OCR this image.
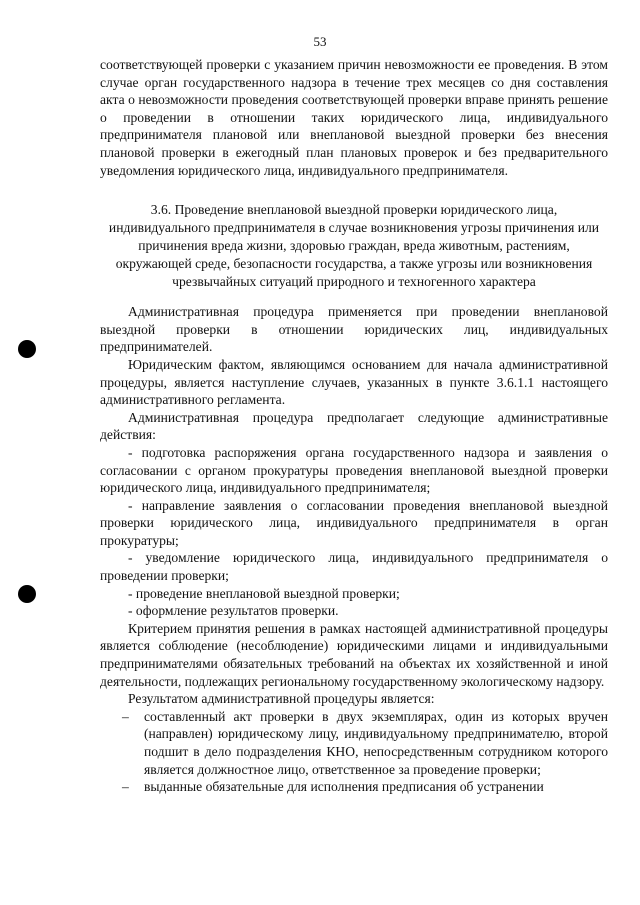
53

соответствующей проверки с указанием причин невозможности ее проведения. В этом случае орган государственного надзора в течение трех месяцев со дня составления акта о невозможности проведения соответствующей проверки вправе принять решение о проведении в отношении таких юридического лица, индивидуального предпринимателя плановой или внеплановой выездной проверки без внесения плановой проверки в ежегодный план плановых проверок и без предварительного уведомления юридического лица, индивидуального предпринимателя.

3.6. Проведение внеплановой выездной проверки юридического лица, индивидуального предпринимателя в случае возникновения угрозы причинения или причинения вреда жизни, здоровью граждан, вреда животным, растениям, окружающей среде, безопасности государства, а также угрозы или возникновения чрезвычайных ситуаций природного и техногенного характера

Административная процедура применяется при проведении внеплановой выездной проверки в отношении юридических лиц, индивидуальных предпринимателей.

Юридическим фактом, являющимся основанием для начала административной процедуры, является наступление случаев, указанных в пункте 3.6.1.1 настоящего административного регламента.

Административная процедура предполагает следующие административные действия:

- подготовка распоряжения органа государственного надзора и заявления о согласовании с органом прокуратуры проведения внеплановой выездной проверки юридического лица, индивидуального предпринимателя;

- направление заявления о согласовании проведения внеплановой выездной проверки юридического лица, индивидуального предпринимателя в орган прокуратуры;

- уведомление юридического лица, индивидуального предпринимателя о проведении проверки;

- проведение внеплановой выездной проверки;

- оформление результатов проверки.

Критерием принятия решения в рамках настоящей административной процедуры является соблюдение (несоблюдение) юридическими лицами и индивидуальными предпринимателями обязательных требований на объектах их хозяйственной и иной деятельности, подлежащих региональному государственному экологическому надзору.

Результатом административной процедуры является:

– составленный акт проверки в двух экземплярах, один из которых вручен (направлен) юридическому лицу, индивидуальному предпринимателю, второй подшит в дело подразделения КНО, непосредственным сотрудником которого является должностное лицо, ответственное за проведение проверки;
– выданные обязательные для исполнения предписания об устранении
